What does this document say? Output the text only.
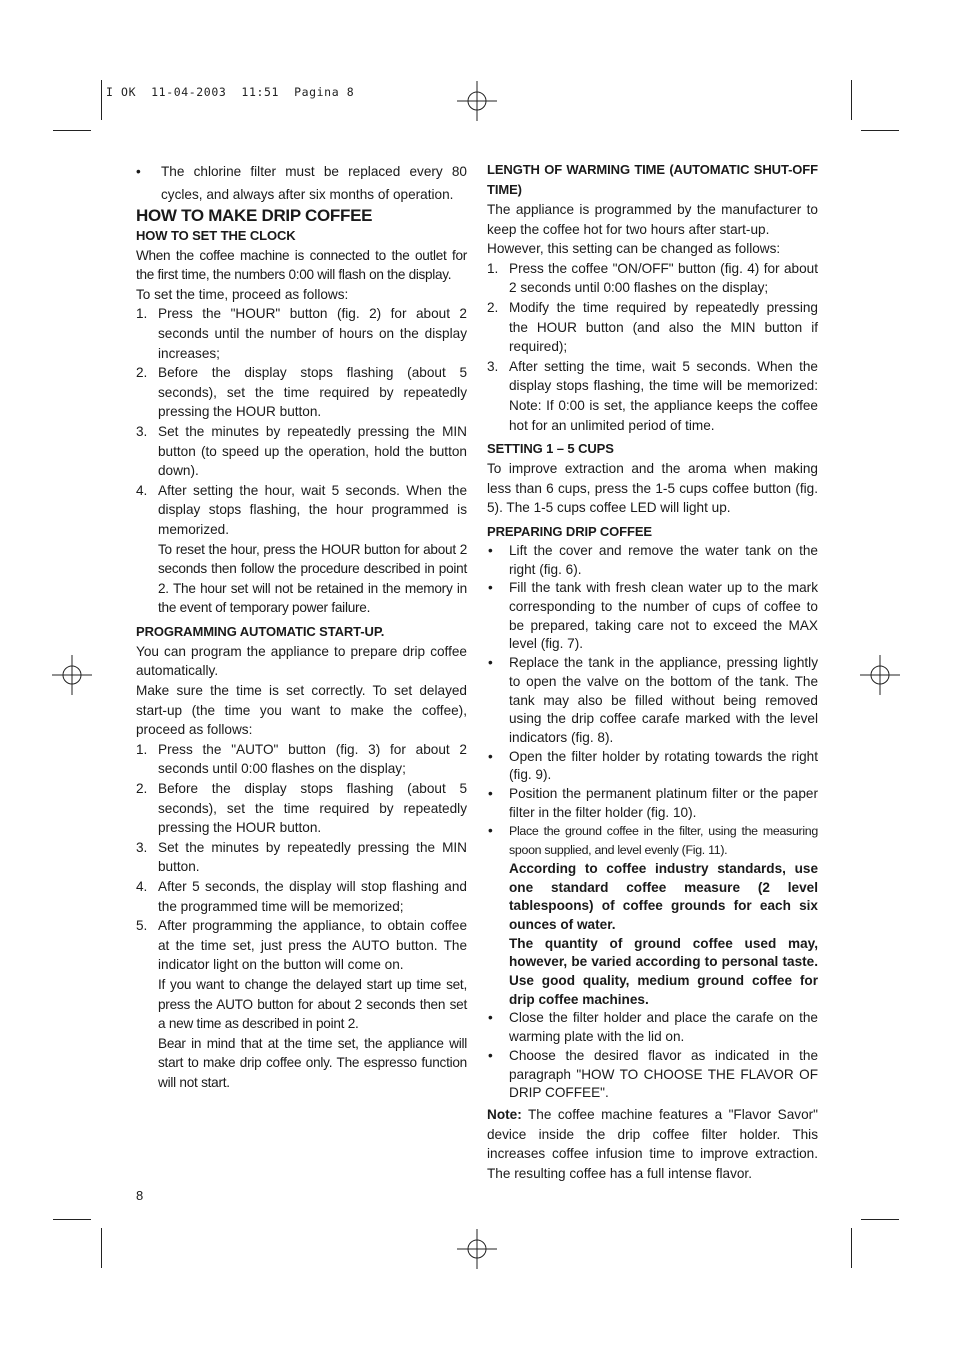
I OK  11-04-2003  11:51  Pagina 8

•	The chlorine filter must be replaced every 80 cycles, and always after six months of operation.

HOW TO MAKE DRIP COFFEE

HOW TO SET THE CLOCK

When the coffee machine is connected to the outlet for the first time, the numbers 0:00 will flash on the display.

To set the time, proceed as follows:

1. Press the "HOUR" button (fig. 2) for about 2 seconds until the number of hours on the display increases;
2. Before the display stops flashing (about 5 seconds), set the time required by repeatedly pressing the HOUR button.
3. Set the minutes by repeatedly pressing the MIN button (to speed up the operation, hold the button down).
4. After setting the hour, wait 5 seconds. When the display stops flashing, the hour programmed is memorized.

To reset the hour, press the HOUR button for about 2 seconds then follow the procedure described in point 2. The hour set will not be retained in the memory in the event of temporary power failure.

PROGRAMMING AUTOMATIC START-UP.

You can program the appliance to prepare drip coffee automatically.

Make sure the time is set correctly. To set delayed start-up (the time you want to make the coffee), proceed as follows:

1. Press the "AUTO" button (fig. 3) for about 2 seconds until 0:00 flashes on the display;
2. Before the display stops flashing (about 5 seconds), set the time required by repeatedly pressing the HOUR button.
3. Set the minutes by repeatedly pressing the MIN button.
4. After 5 seconds, the display will stop flashing and the programmed time will be memorized;
5. After programming the appliance, to obtain coffee at the time set, just press the AUTO button. The indicator light on the button will come on.

If you want to change the delayed start up time set, press the AUTO button for about 2 seconds then set a new time as described in point 2.

Bear in mind that at the time set, the appliance will start to make drip coffee only. The espresso function will not start.

LENGTH OF WARMING TIME (AUTOMATIC SHUT-OFF TIME)

The appliance is programmed by the manufacturer to keep the coffee hot for two hours after start-up.

However, this setting can be changed as follows:

1. Press the coffee "ON/OFF" button (fig. 4) for about 2 seconds until 0:00 flashes on the display;
2. Modify the time required by repeatedly pressing the HOUR button (and also the MIN button if required);
3. After setting the time, wait 5 seconds. When the display stops flashing, the time will be memorized: Note: If 0:00 is set, the appliance keeps the coffee hot for an unlimited period of time.

SETTING 1 – 5 CUPS

To improve extraction and the aroma when making less than 6 cups, press the 1-5 cups coffee button (fig. 5). The 1-5 cups coffee LED will light up.

PREPARING DRIP COFFEE

• Lift the cover and remove the water tank on the right (fig. 6).
• Fill the tank with fresh clean water up to the mark corresponding to the number of cups of coffee to be prepared, taking care not to exceed the MAX level (fig. 7).
• Replace the tank in the appliance, pressing lightly to open the valve on the bottom of the tank. The tank may also be filled without being removed using the drip coffee carafe marked with the level indicators (fig. 8).
• Open the filter holder by rotating towards the right (fig. 9).
• Position the permanent platinum filter or the paper filter in the filter holder (fig. 10).
• Place the ground coffee in the filter, using the measuring spoon supplied, and level evenly (Fig. 11).

According to coffee industry standards, use one standard coffee measure (2 level tablespoons) of coffee grounds for each six ounces of water.

The quantity of ground coffee used may, however, be varied according to personal taste. Use good quality, medium ground coffee for drip coffee machines.

• Close the filter holder and place the carafe on the warming plate with the lid on.
• Choose the desired flavor as indicated in the paragraph "HOW TO CHOOSE THE FLAVOR OF DRIP COFFEE".

Note: The coffee machine features a "Flavor Savor" device inside the drip coffee filter holder. This increases coffee infusion time to improve extraction. The resulting coffee has a full intense flavor.

8
